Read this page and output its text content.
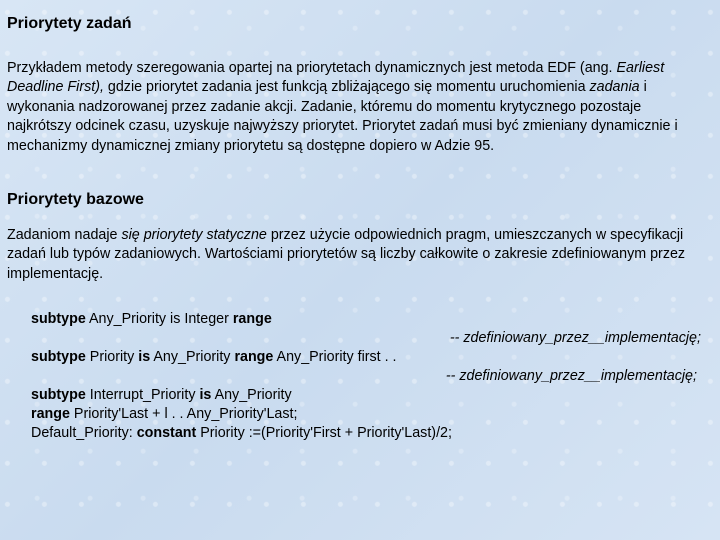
Priorytety zadań

Przykładem metody szeregowania opartej na priorytetach dynamicznych jest metoda EDF (ang. Earliest Deadline First), gdzie priorytet zadania jest funkcją zbliżającego się momentu uruchomienia zadania i wykonania nadzorowanej przez zadanie akcji. Zadanie, któremu do momentu krytycznego pozostaje najkrótszy odcinek czasu, uzyskuje najwyższy priorytet. Priorytet zadań musi być zmieniany dynamicznie i mechanizmy dynamicznej zmiany priorytetu są dostępne dopiero w Adzie 95.

Priorytety bazowe

Zadaniom nadaje się priorytety statyczne przez użycie odpowiednich pragm, umieszczanych w specyfikacji zadań lub typów zadaniowych. Wartościami priorytetów są liczby całkowite o zakresie zdefiniowanym przez implementację.

subtype Any_Priority is Integer range
-- zdefiniowany_przez__implementację;
subtype Priority is Any_Priority range Any_Priority first . .
-- zdefiniowany_przez__implementację;
subtype Interrupt_Priority is Any_Priority
range Priority'Last + l . . Any_Priority'Last;
Default_Priority: constant Priority :=(Priority'First + Priority'Last)/2;
